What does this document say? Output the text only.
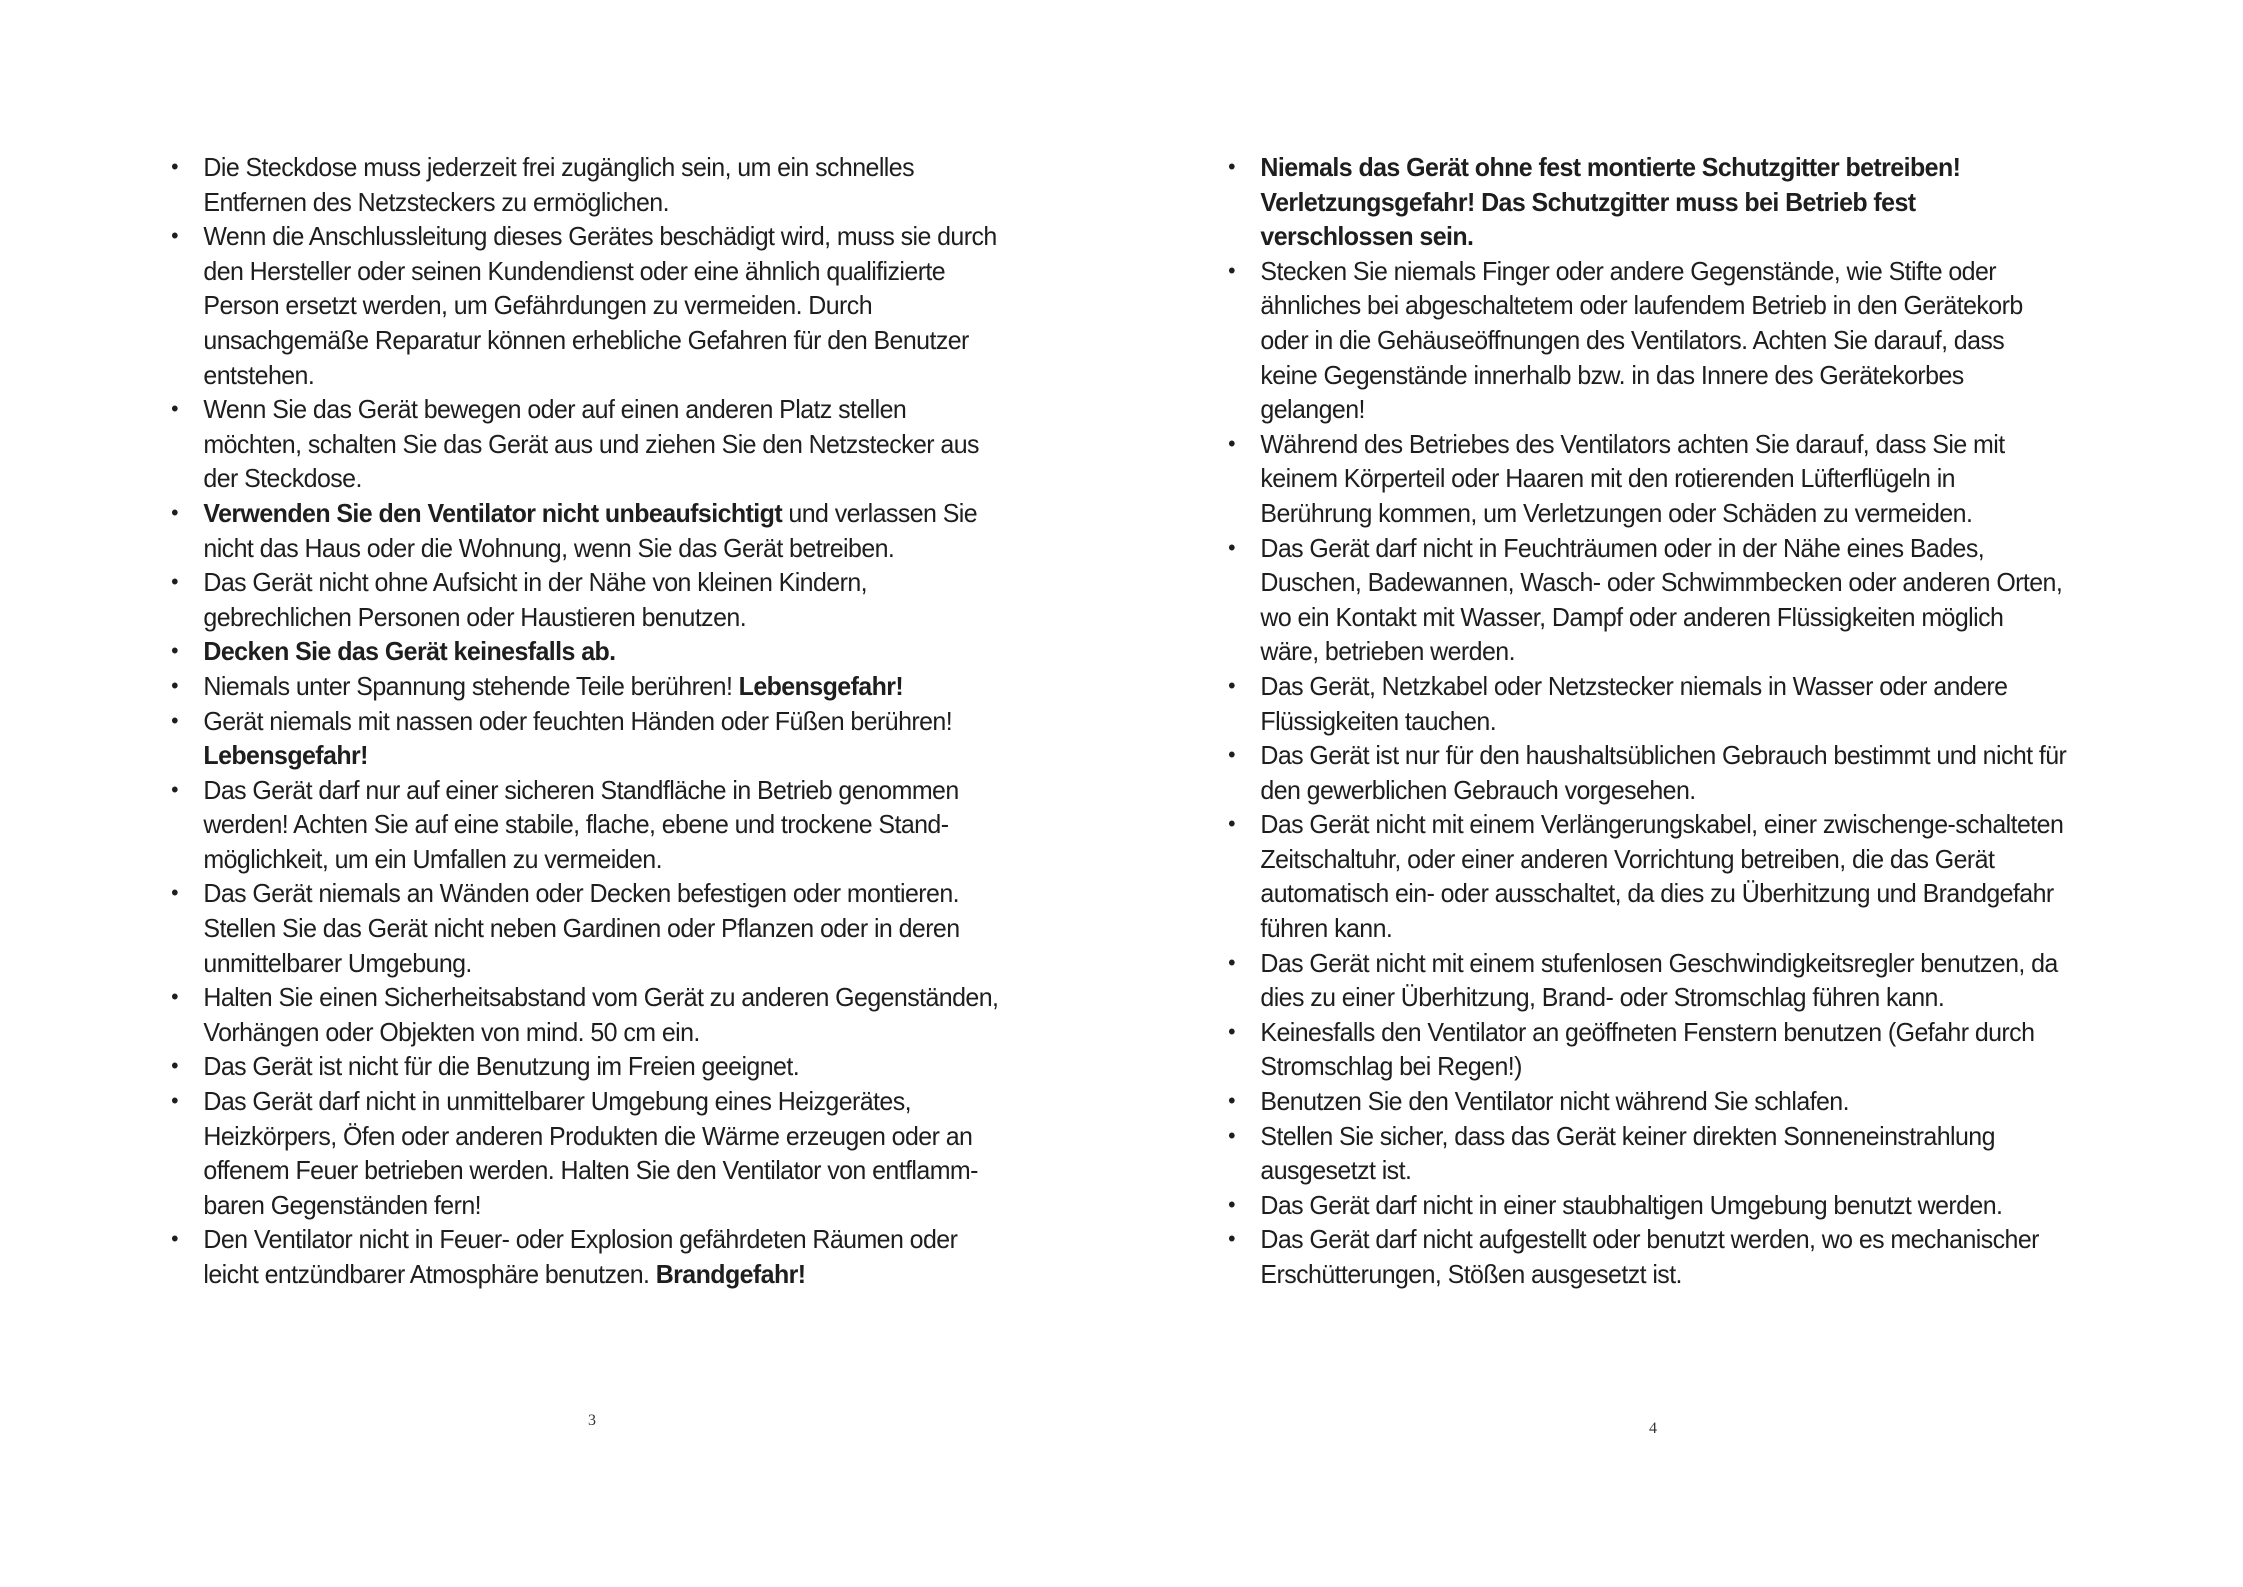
• Die Steckdose muss jederzeit frei zugänglich sein, um ein schnelles Entfernen des Netzsteckers zu ermöglichen.
• Wenn die Anschlussleitung dieses Gerätes beschädigt wird, muss sie durch den Hersteller oder seinen Kundendienst oder eine ähnlich qualifizierte Person ersetzt werden, um Gefährdungen zu vermeiden. Durch unsachgemäße Reparatur können erhebliche Gefahren für den Benutzer entstehen.
• Wenn Sie das Gerät bewegen oder auf einen anderen Platz stellen möchten, schalten Sie das Gerät aus und ziehen Sie den Netzstecker aus der Steckdose.
• Verwenden Sie den Ventilator nicht unbeaufsichtigt und verlassen Sie nicht das Haus oder die Wohnung, wenn Sie das Gerät betreiben.
• Das Gerät nicht ohne Aufsicht in der Nähe von kleinen Kindern, gebrechlichen Personen oder Haustieren benutzen.
• Decken Sie das Gerät keinesfalls ab.
• Niemals unter Spannung stehende Teile berühren! Lebensgefahr!
• Gerät niemals mit nassen oder feuchten Händen oder Füßen berühren! Lebensgefahr!
• Das Gerät darf nur auf einer sicheren Standfläche in Betrieb genommen werden! Achten Sie auf eine stabile, flache, ebene und trockene Stand-möglichkeit, um ein Umfallen zu vermeiden.
• Das Gerät niemals an Wänden oder Decken befestigen oder montieren. Stellen Sie das Gerät nicht neben Gardinen oder Pflanzen oder in deren unmittelbarer Umgebung.
• Halten Sie einen Sicherheitsabstand vom Gerät zu anderen Gegenständen, Vorhängen oder Objekten von mind. 50 cm ein.
• Das Gerät ist nicht für die Benutzung im Freien geeignet.
• Das Gerät darf nicht in unmittelbarer Umgebung eines Heizgerätes, Heizkörpers, Öfen oder anderen Produkten die Wärme erzeugen oder an offenem Feuer betrieben werden. Halten Sie den Ventilator von entflamm-baren Gegenständen fern!
• Den Ventilator nicht in Feuer- oder Explosion gefährdeten Räumen oder leicht entzündbarer Atmosphäre benutzen. Brandgefahr!
3
• Niemals das Gerät ohne fest montierte Schutzgitter betreiben! Verletzungsgefahr! Das Schutzgitter muss bei Betrieb fest verschlossen sein.
• Stecken Sie niemals Finger oder andere Gegenstände, wie Stifte oder ähnliches bei abgeschaltetem oder laufendem Betrieb in den Gerätekorb oder in die Gehäuseöffnungen des Ventilators. Achten Sie darauf, dass keine Gegenstände innerhalb bzw. in das Innere des Gerätekorbes gelangen!
• Während des Betriebes des Ventilators achten Sie darauf, dass Sie mit keinem Körperteil oder Haaren mit den rotierenden Lüfterflügeln in Berührung kommen, um Verletzungen oder Schäden zu vermeiden.
• Das Gerät darf nicht in Feuchträumen oder in der Nähe eines Bades, Duschen, Badewannen, Wasch- oder Schwimmbecken oder anderen Orten, wo ein Kontakt mit Wasser, Dampf oder anderen Flüssigkeiten möglich wäre, betrieben werden.
• Das Gerät, Netzkabel oder Netzstecker niemals in Wasser oder andere Flüssigkeiten tauchen.
• Das Gerät ist nur für den haushaltsüblichen Gebrauch bestimmt und nicht für den gewerblichen Gebrauch vorgesehen.
• Das Gerät nicht mit einem Verlängerungskabel, einer zwischenge-schalteten Zeitschaltuhr, oder einer anderen Vorrichtung betreiben, die das Gerät automatisch ein- oder ausschaltet, da dies zu Überhitzung und Brandgefahr führen kann.
• Das Gerät nicht mit einem stufenlosen Geschwindigkeitsregler benutzen, da dies zu einer Überhitzung, Brand- oder Stromschlag führen kann.
• Keinesfalls den Ventilator an geöffneten Fenstern benutzen (Gefahr durch Stromschlag bei Regen!)
• Benutzen Sie den Ventilator nicht während Sie schlafen.
• Stellen Sie sicher, dass das Gerät keiner direkten Sonneneinstrahlung ausgesetzt ist.
• Das Gerät darf nicht in einer staubhaltigen Umgebung benutzt werden.
• Das Gerät darf nicht aufgestellt oder benutzt werden, wo es mechanischer Erschütterungen, Stößen ausgesetzt ist.
4
